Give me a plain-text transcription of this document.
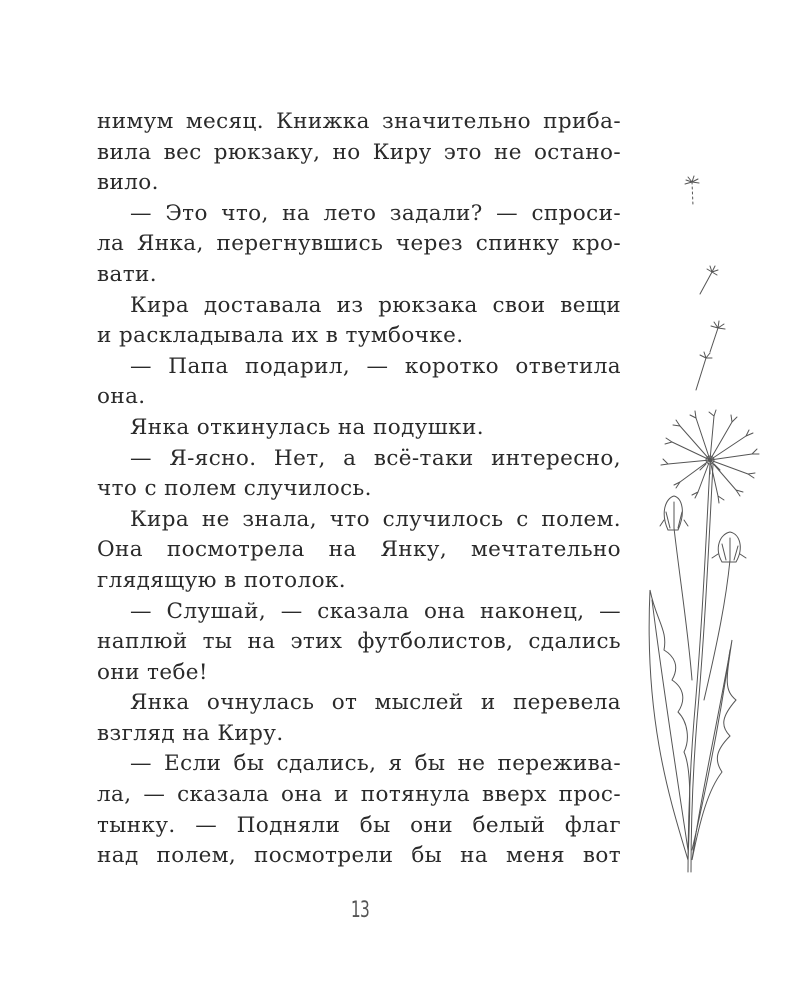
нимум месяц. Книжка значительно приба-
вила вес рюкзаку, но Киру это не остано-
вило.
— Это что, на лето задали? — спроси-
ла Янка, перегнувшись через спинку кро-
вати.
Кира доставала из рюкзака свои вещи
и раскладывала их в тумбочке.
— Папа подарил, — коротко ответила
она.
Янка откинулась на подушки.
— Я-ясно. Нет, а всё-таки интересно,
что с полем случилось.
Кира не знала, что случилось с полем.
Она посмотрела на Янку, мечтательно
глядящую в потолок.
— Слушай, — сказала она наконец, —
наплюй ты на этих футболистов, сдались
они тебе!
Янка очнулась от мыслей и перевела
взгляд на Киру.
— Если бы сдались, я бы не пережива-
ла, — сказала она и потянула вверх прос-
тынку. — Подняли бы они белый флаг
над полем, посмотрели бы на меня вот
13
